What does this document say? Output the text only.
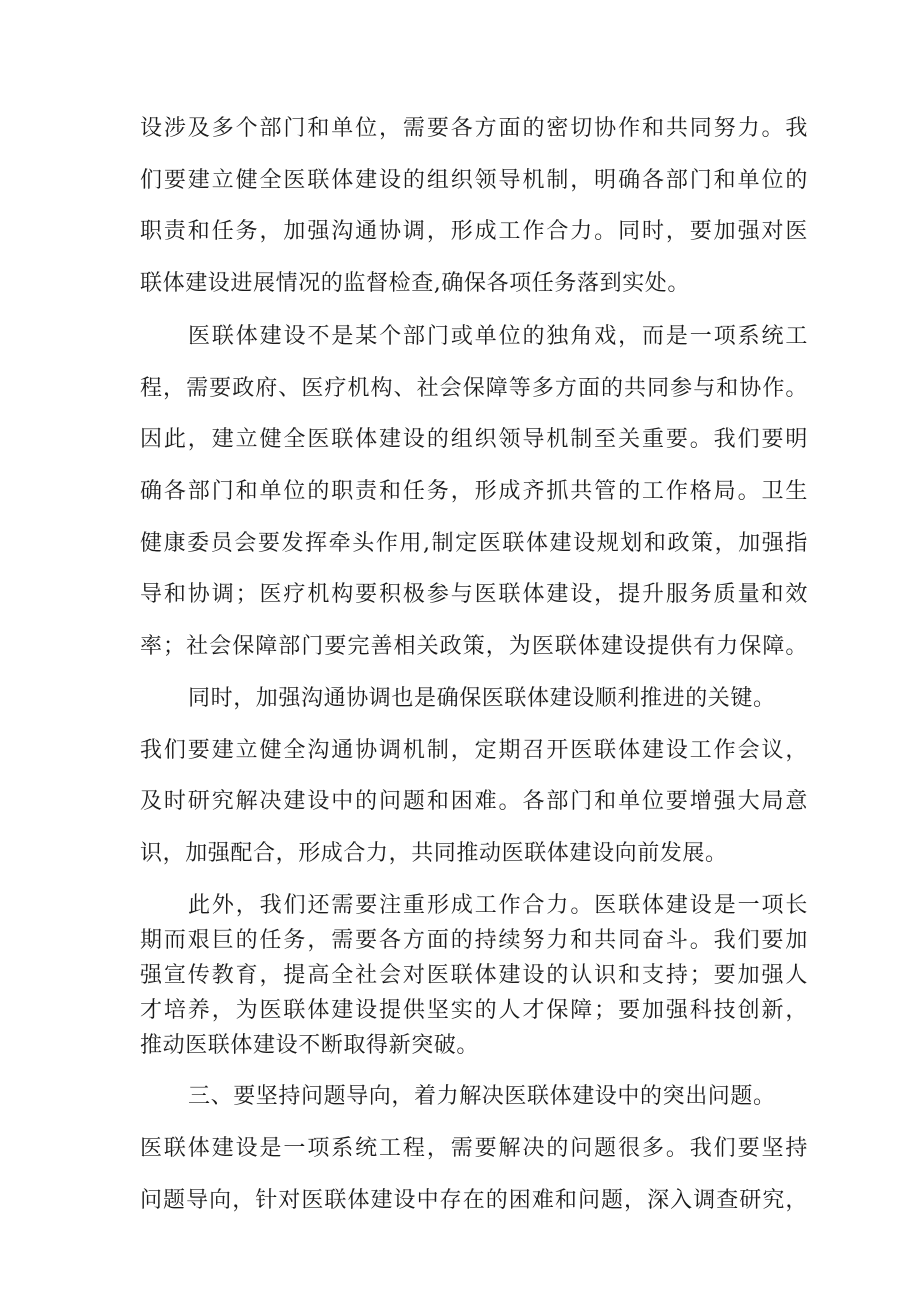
设涉及多个部门和单位，需要各方面的密切协作和共同努力。我
们要建立健全医联体建设的组织领导机制，明确各部门和单位的
职责和任务，加强沟通协调，形成工作合力。同时，要加强对医
联体建设进展情况的监督检查,确保各项任务落到实处。
医联体建设不是某个部门或单位的独角戏，而是一项系统工
程，需要政府、医疗机构、社会保障等多方面的共同参与和协作。
因此，建立健全医联体建设的组织领导机制至关重要。我们要明
确各部门和单位的职责和任务，形成齐抓共管的工作格局。卫生
健康委员会要发挥牵头作用,制定医联体建设规划和政策，加强指
导和协调；医疗机构要积极参与医联体建设，提升服务质量和效
率；社会保障部门要完善相关政策，为医联体建设提供有力保障。
同时，加强沟通协调也是确保医联体建设顺利推进的关键。
我们要建立健全沟通协调机制，定期召开医联体建设工作会议，
及时研究解决建设中的问题和困难。各部门和单位要增强大局意
识，加强配合，形成合力，共同推动医联体建设向前发展。
此外，我们还需要注重形成工作合力。医联体建设是一项长
期而艰巨的任务，需要各方面的持续努力和共同奋斗。我们要加
强宣传教育，提高全社会对医联体建设的认识和支持；要加强人
才培养，为医联体建设提供坚实的人才保障；要加强科技创新，
推动医联体建设不断取得新突破。
三、要坚持问题导向，着力解决医联体建设中的突出问题。
医联体建设是一项系统工程，需要解决的问题很多。我们要坚持
问题导向，针对医联体建设中存在的困难和问题，深入调查研究，
